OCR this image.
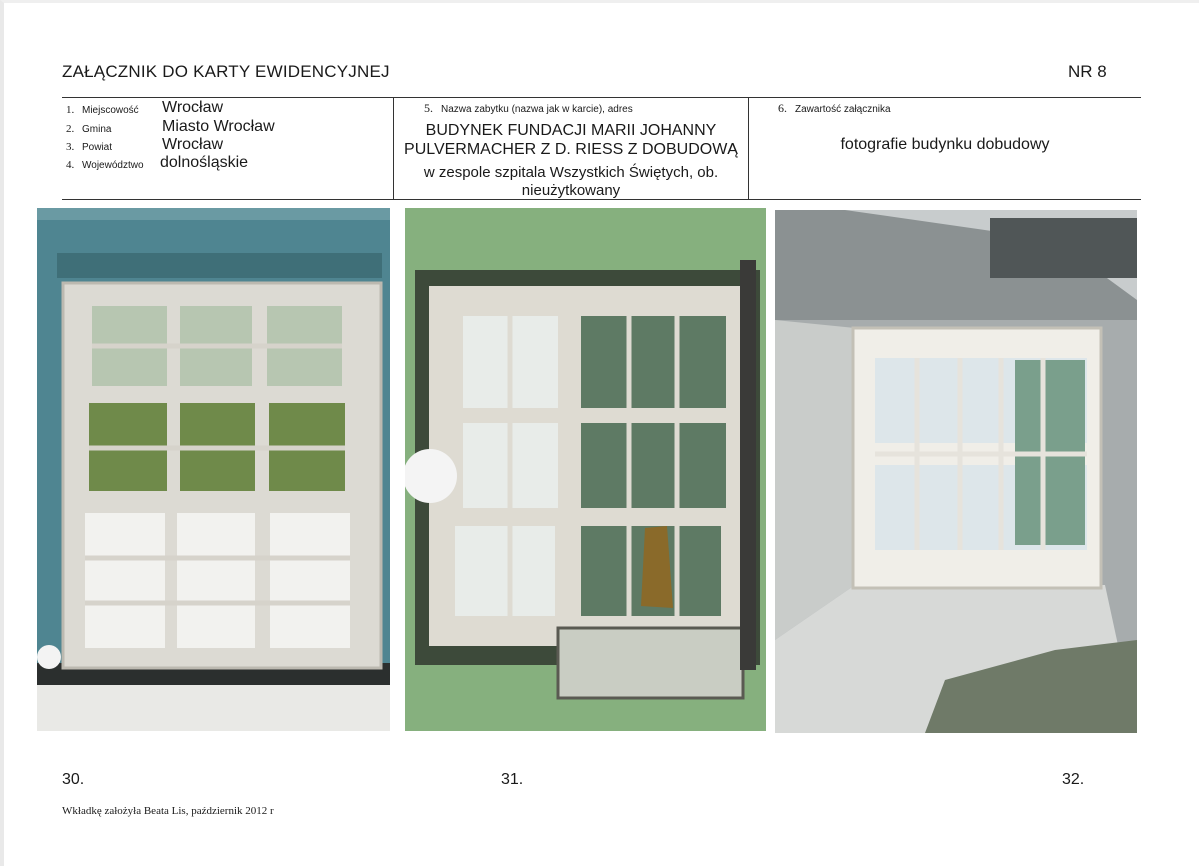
ZAŁĄCZNIK DO KARTY EWIDENCYJNEJ	NR 8
1. Miejscowość Wrocław
2. Gmina	Miasto Wrocław
3. Powiat	Wrocław
4. Województwo dolnośląskie
5. Nazwa zabytku (nazwa jak w karcie), adres
BUDYNEK FUNDACJI MARII JOHANNY
PULVERMACHER Z D. RIESS Z DOBUDOWĄ
w zespole szpitala Wszystkich Świętych, ob.
nieużytkowany
6. Zawartość załącznika
fotografie budynku dobudowy
30.	31.	32.
Wkładkę założyła Beata Lis, październik 2012 r
